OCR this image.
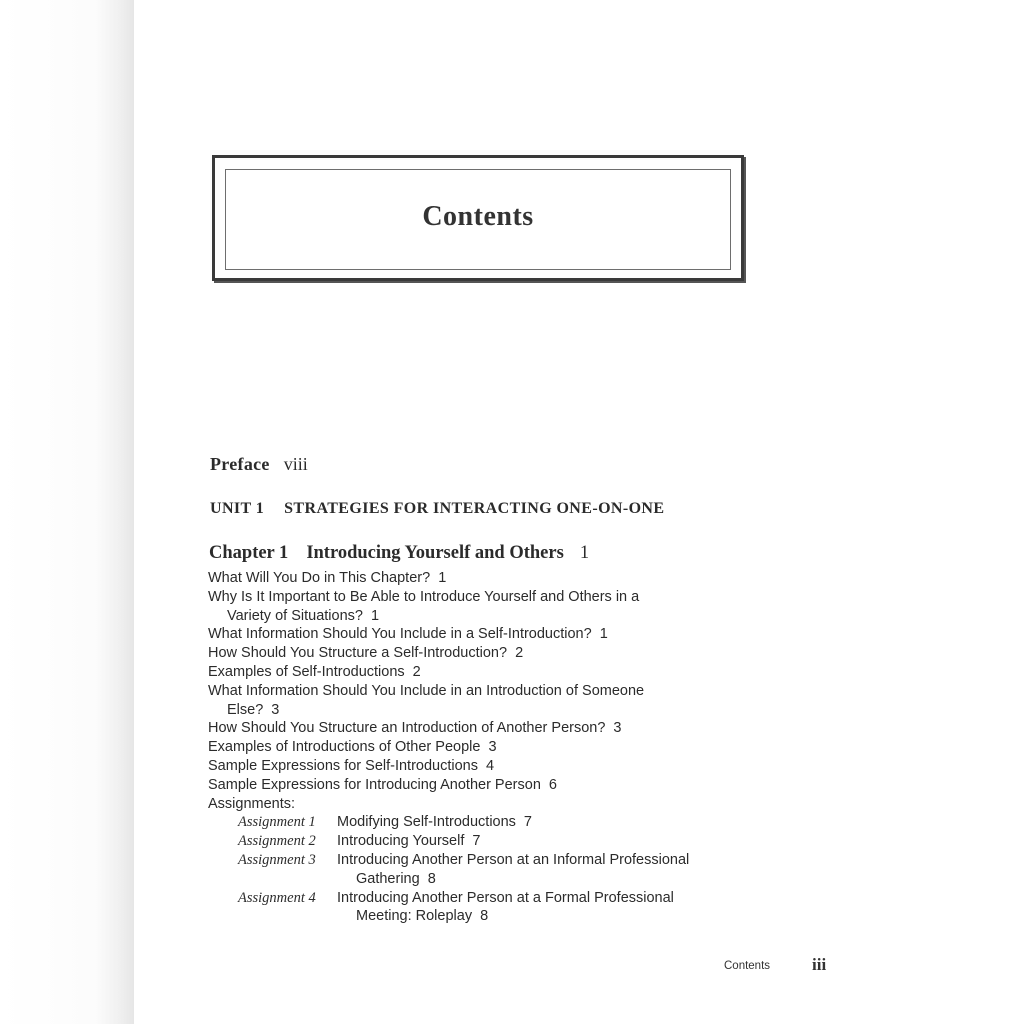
Contents
Preface viii
UNIT 1 STRATEGIES FOR INTERACTING ONE-ON-ONE
Chapter 1 Introducing Yourself and Others 1
What Will You Do in This Chapter? 1
Why Is It Important to Be Able to Introduce Yourself and Others in a
Variety of Situations? 1
What Information Should You Include in a Self-Introduction? 1
How Should You Structure a Self-Introduction? 2
Examples of Self-Introductions 2
What Information Should You Include in an Introduction of Someone
Else? 3
How Should You Structure an Introduction of Another Person? 3
Examples of Introductions of Other People 3
Sample Expressions for Self-Introductions 4
Sample Expressions for Introducing Another Person 6
Assignments:
Assignment 1 Modifying Self-Introductions 7
Assignment 2 Introducing Yourself 7
Assignment 3 Introducing Another Person at an Informal Professional
Gathering 8
Assignment 4 Introducing Another Person at a Formal Professional
Meeting: Roleplay 8
Contents iii
